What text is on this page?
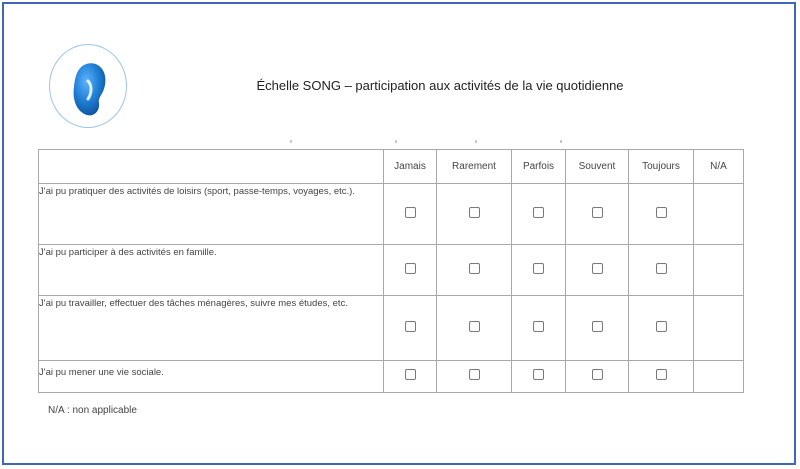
Échelle SONG – participation aux activités de la vie quotidienne
	Jamais	Rarement	Parfois	Souvent	Toujours	N/A
J'ai pu pratiquer des activités de loisirs (sport, passe-temps, voyages, etc.).						
J'ai pu participer à des activités en famille.						
J'ai pu travailler, effectuer des tâches ménagères, suivre mes études, etc.						
J'ai pu mener une vie sociale.						
N/A : non applicable
